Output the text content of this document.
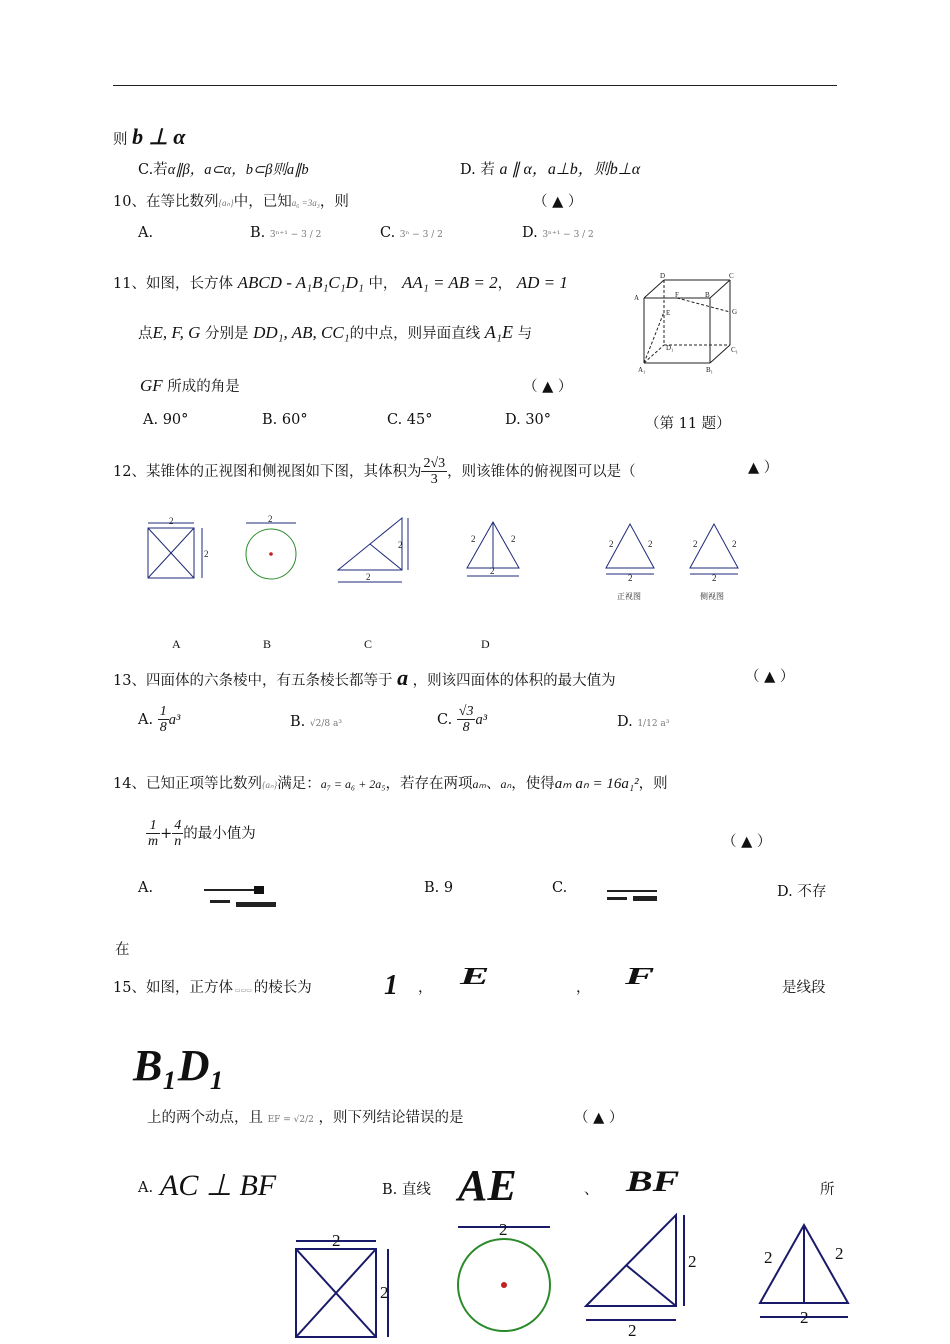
则 b ⊥ α
C.若α∥β，a⊂α，b⊂β则a∥b	D. 若 a ∥ α，a⊥b，则b⊥α
10、在等比数列{aₙ}中，已知a₆ =3a₃，则	（ ▲ ）
A.	B. 3ⁿ⁺¹ − 3 / 2	C. 3ⁿ − 3 / 2	D. 3ⁿ⁺¹ − 3 / 2
11、如图，长方体 ABCD - A₁B₁C₁D₁ 中， AA₁ = AB = 2， AD = 1
点E, F, G 分别是 DD₁, AB, CC₁的中点，则异面直线 A₁E 与
GF 所成的角是	（ ▲ ）
A. 90°	B. 60°	C. 45°	D. 30°	（第 11 题）
D	C
A	F	B
G
E
D₁	C₁
A₁	B₁
12、某锥体的正视图和侧视图如下图，其体积为 $\frac{2√3}{3}$ ，则该锥体的俯视图可以是（	▲ ）
2
2
2
2
2
2	2
2
2	2
2
2	2
2
正视图	侧视图
A	B	C	D
13、四面体的六条棱中，有五条棱长都等于 a ，则该四面体的体积的最大值为	（ ▲ ）
A. $\frac{1}{8} a^3$	B. √2/8 a³	C. $\frac{√3}{8} a^3$	D. 1/12 a³
14、已知正项等比数列{aₙ}满足：a₇ = a₆ + 2a₅，若存在两项aₘ、aₙ，使得aₘ aₙ = 16a₁²，则
$\frac{1}{m} + \frac{4}{n}$ 的最小值为
（ ▲ ）
A.	B. 9	C.	D. 不存
在
15、如图，正方体 ▭▭▭ 的棱长为	1 ， E	， F	是线段
B₁D₁
上的两个动点，且 EF = √2/2 ，则下列结论错误的是	（ ▲ ）
A. AC ⊥ BF	B. 直线 AE	、 BF	所
2
2
2
2
2	2	2
2
